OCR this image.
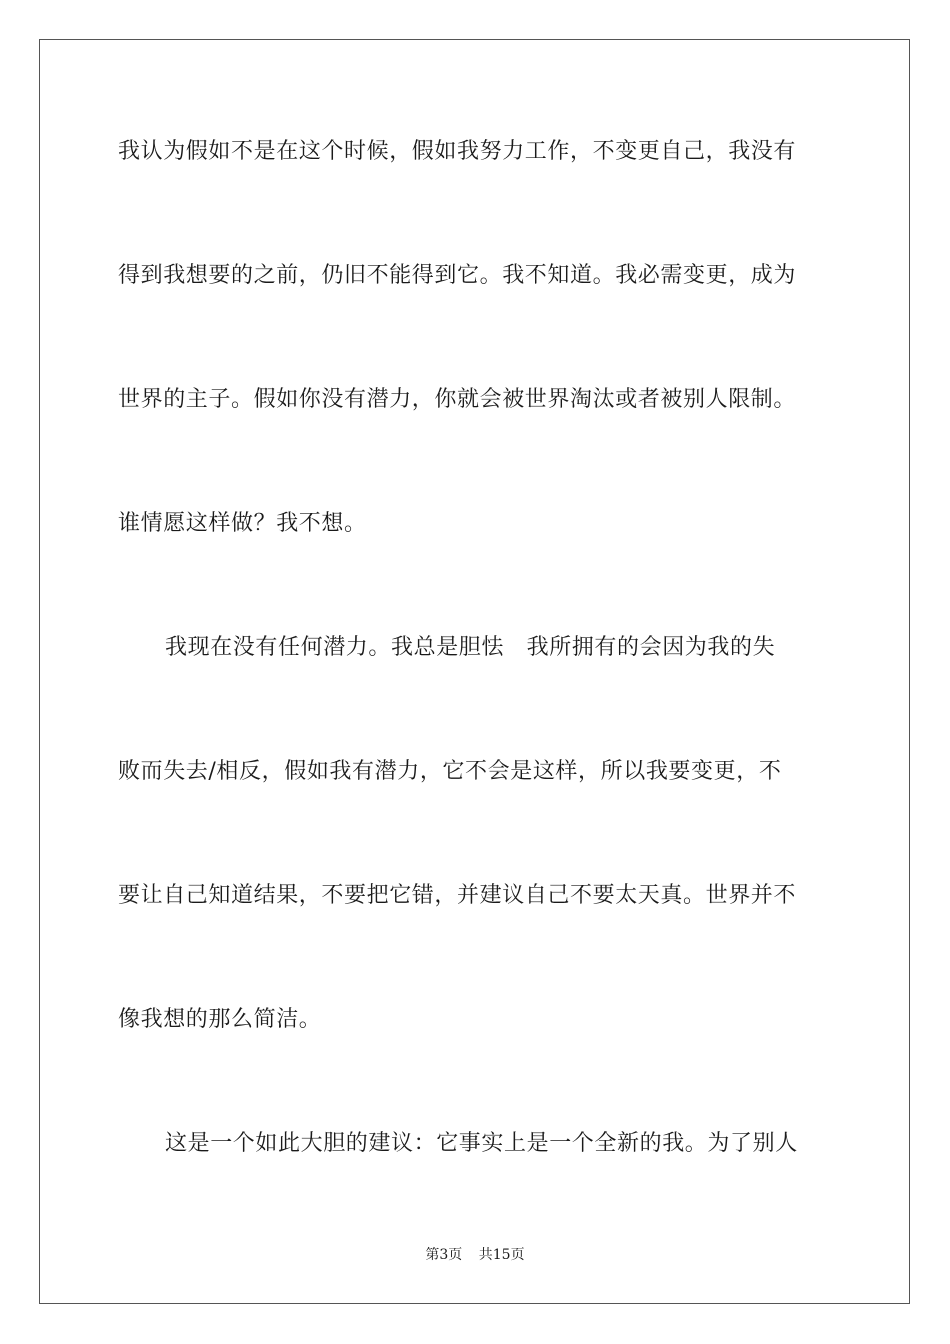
我认为假如不是在这个时候，假如我努力工作，不变更自己，我没有
得到我想要的之前，仍旧不能得到它。我不知道。我必需变更，成为
世界的主子。假如你没有潜力，你就会被世界淘汰或者被别人限制。
谁情愿这样做？我不想。
我现在没有任何潜力。我总是胆怯　我所拥有的会因为我的失
败而失去/相反，假如我有潜力，它不会是这样，所以我要变更，不
要让自己知道结果，不要把它错，并建议自己不要太天真。世界并不
像我想的那么简洁。
这是一个如此大胆的建议：它事实上是一个全新的我。为了别人
第3页 共15页
